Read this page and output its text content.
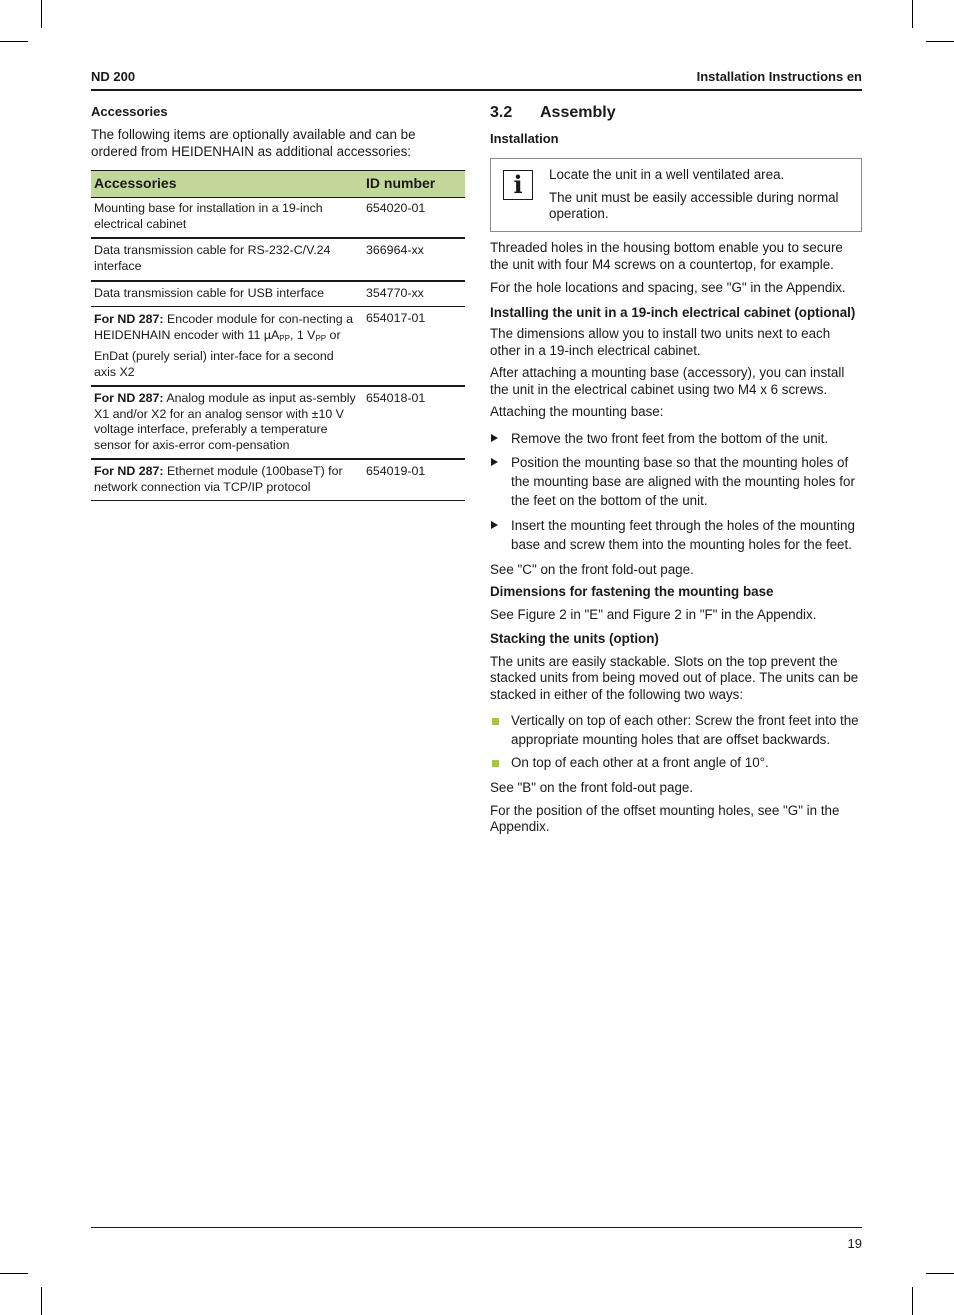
ND 200	Installation Instructions en
Accessories

The following items are optionally available and can be ordered from HEIDENHAIN as additional accessories:

Accessories	ID number
Mounting base for installation in a 19-inch electrical cabinet	654020-01
Data transmission cable for RS-232-C/V.24 interface	366964-xx
Data transmission cable for USB interface	354770-xx
For ND 287: Encoder module for con-necting a HEIDENHAIN encoder with 11 µA$_{PP}$, 1 $V_{PP}$ or EnDat (purely serial) inter-face for a second axis X2	654017-01
For ND 287: Analog module as input as-sembly X1 and/or X2 for an analog sensor with ±10 V voltage interface, preferably a temperature sensor for axis-error com-pensation	654018-01
For ND 287: Ethernet module (100baseT) for network connection via TCP/IP protocol	654019-01
3.2 Assembly
Installation
i	Locate the unit in a well ventilated area.

The unit must be easily accessible during normal operation.

Threaded holes in the housing bottom enable you to secure the unit with four M4 screws on a countertop, for example.

For the hole locations and spacing, see "G" in the Appendix.

Installing the unit in a 19-inch electrical cabinet (optional)

The dimensions allow you to install two units next to each other in a 19-inch electrical cabinet.

After attaching a mounting base (accessory), you can install the unit in the electrical cabinet using two M4 x 6 screws.

Attaching the mounting base:

Remove the two front feet from the bottom of the unit.
Position the mounting base so that the mounting holes of the mounting base are aligned with the mounting holes for the feet on the bottom of the unit.
Insert the mounting feet through the holes of the mounting base and screw them into the mounting holes for the feet.

See "C" on the front fold-out page.

Dimensions for fastening the mounting base

See Figure 2 in "E" and Figure 2 in "F" in the Appendix.

Stacking the units (option)

The units are easily stackable. Slots on the top prevent the stacked units from being moved out of place. The units can be stacked in either of the following two ways:

Vertically on top of each other: Screw the front feet into the appropriate mounting holes that are offset backwards.
On top of each other at a front angle of 10°.

See "B" on the front fold-out page.

For the position of the offset mounting holes, see "G" in the Appendix.

19
